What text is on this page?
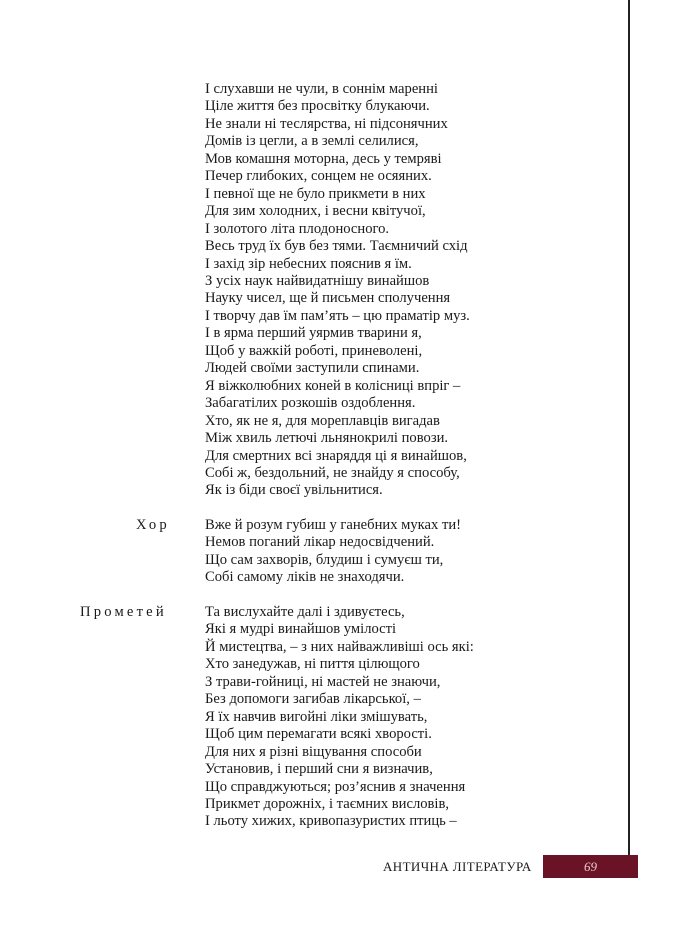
І слухавши не чули, в соннім маренні
Ціле життя без просвітку блукаючи.
Не знали ні теслярства, ні підсонячних
Домів із цегли, а в землі селилися,
Мов комашня моторна, десь у темряві
Печер глибоких, сонцем не осяяних.
І певної ще не було прикмети в них
Для зим холодних, і весни квітучої,
І золотого літа плодоносного.
Весь труд їх був без тями. Таємничий схід
І захід зір небесних пояснив я їм.
З усіх наук найвидатнішу винайшов
Науку чисел, ще й письмен сполучення
І творчу дав їм пам’ять – цю праматір муз.
І в ярма перший уярмив тварини я,
Щоб у важкій роботі, приневолені,
Людей своїми заступили спинами.
Я віжколюбних коней в колісниці впріг –
Забагатілих розкошів оздоблення.
Хто, як не я, для мореплавців вигадав
Між хвиль летючі льнянокрилі повози.
Для смертних всі знаряддя ці я винайшов,
Собі ж, бездольний, не знайду я способу,
Як із біди своєї увільнитися.
Хор Вже й розум губиш у ганебних муках ти!
Немов поганий лікар недосвідчений.
Що сам захворів, блудиш і сумуєш ти,
Собі самому ліків не знаходячи.
Прометей	Та вислухайте далі і здивуєтесь,
Які я мудрі винайшов умілості
Й мистецтва, – з них найважливіші ось які:
Хто занедужав, ні пиття цілющого
З трави-гойниці, ні мастей не знаючи,
Без допомоги загибав лікарської, –
Я їх навчив вигойні ліки змішувать,
Щоб цим перемагати всякі хворості.
Для них я різні віщування способи
Установив, і перший сни я визначив,
Що справджуються; роз’яснив я значення
Прикмет дорожніх, і таємних висловів,
І льоту хижих, кривопазуристих птиць –
АНТИЧНА ЛІТЕРАТУРА	69
